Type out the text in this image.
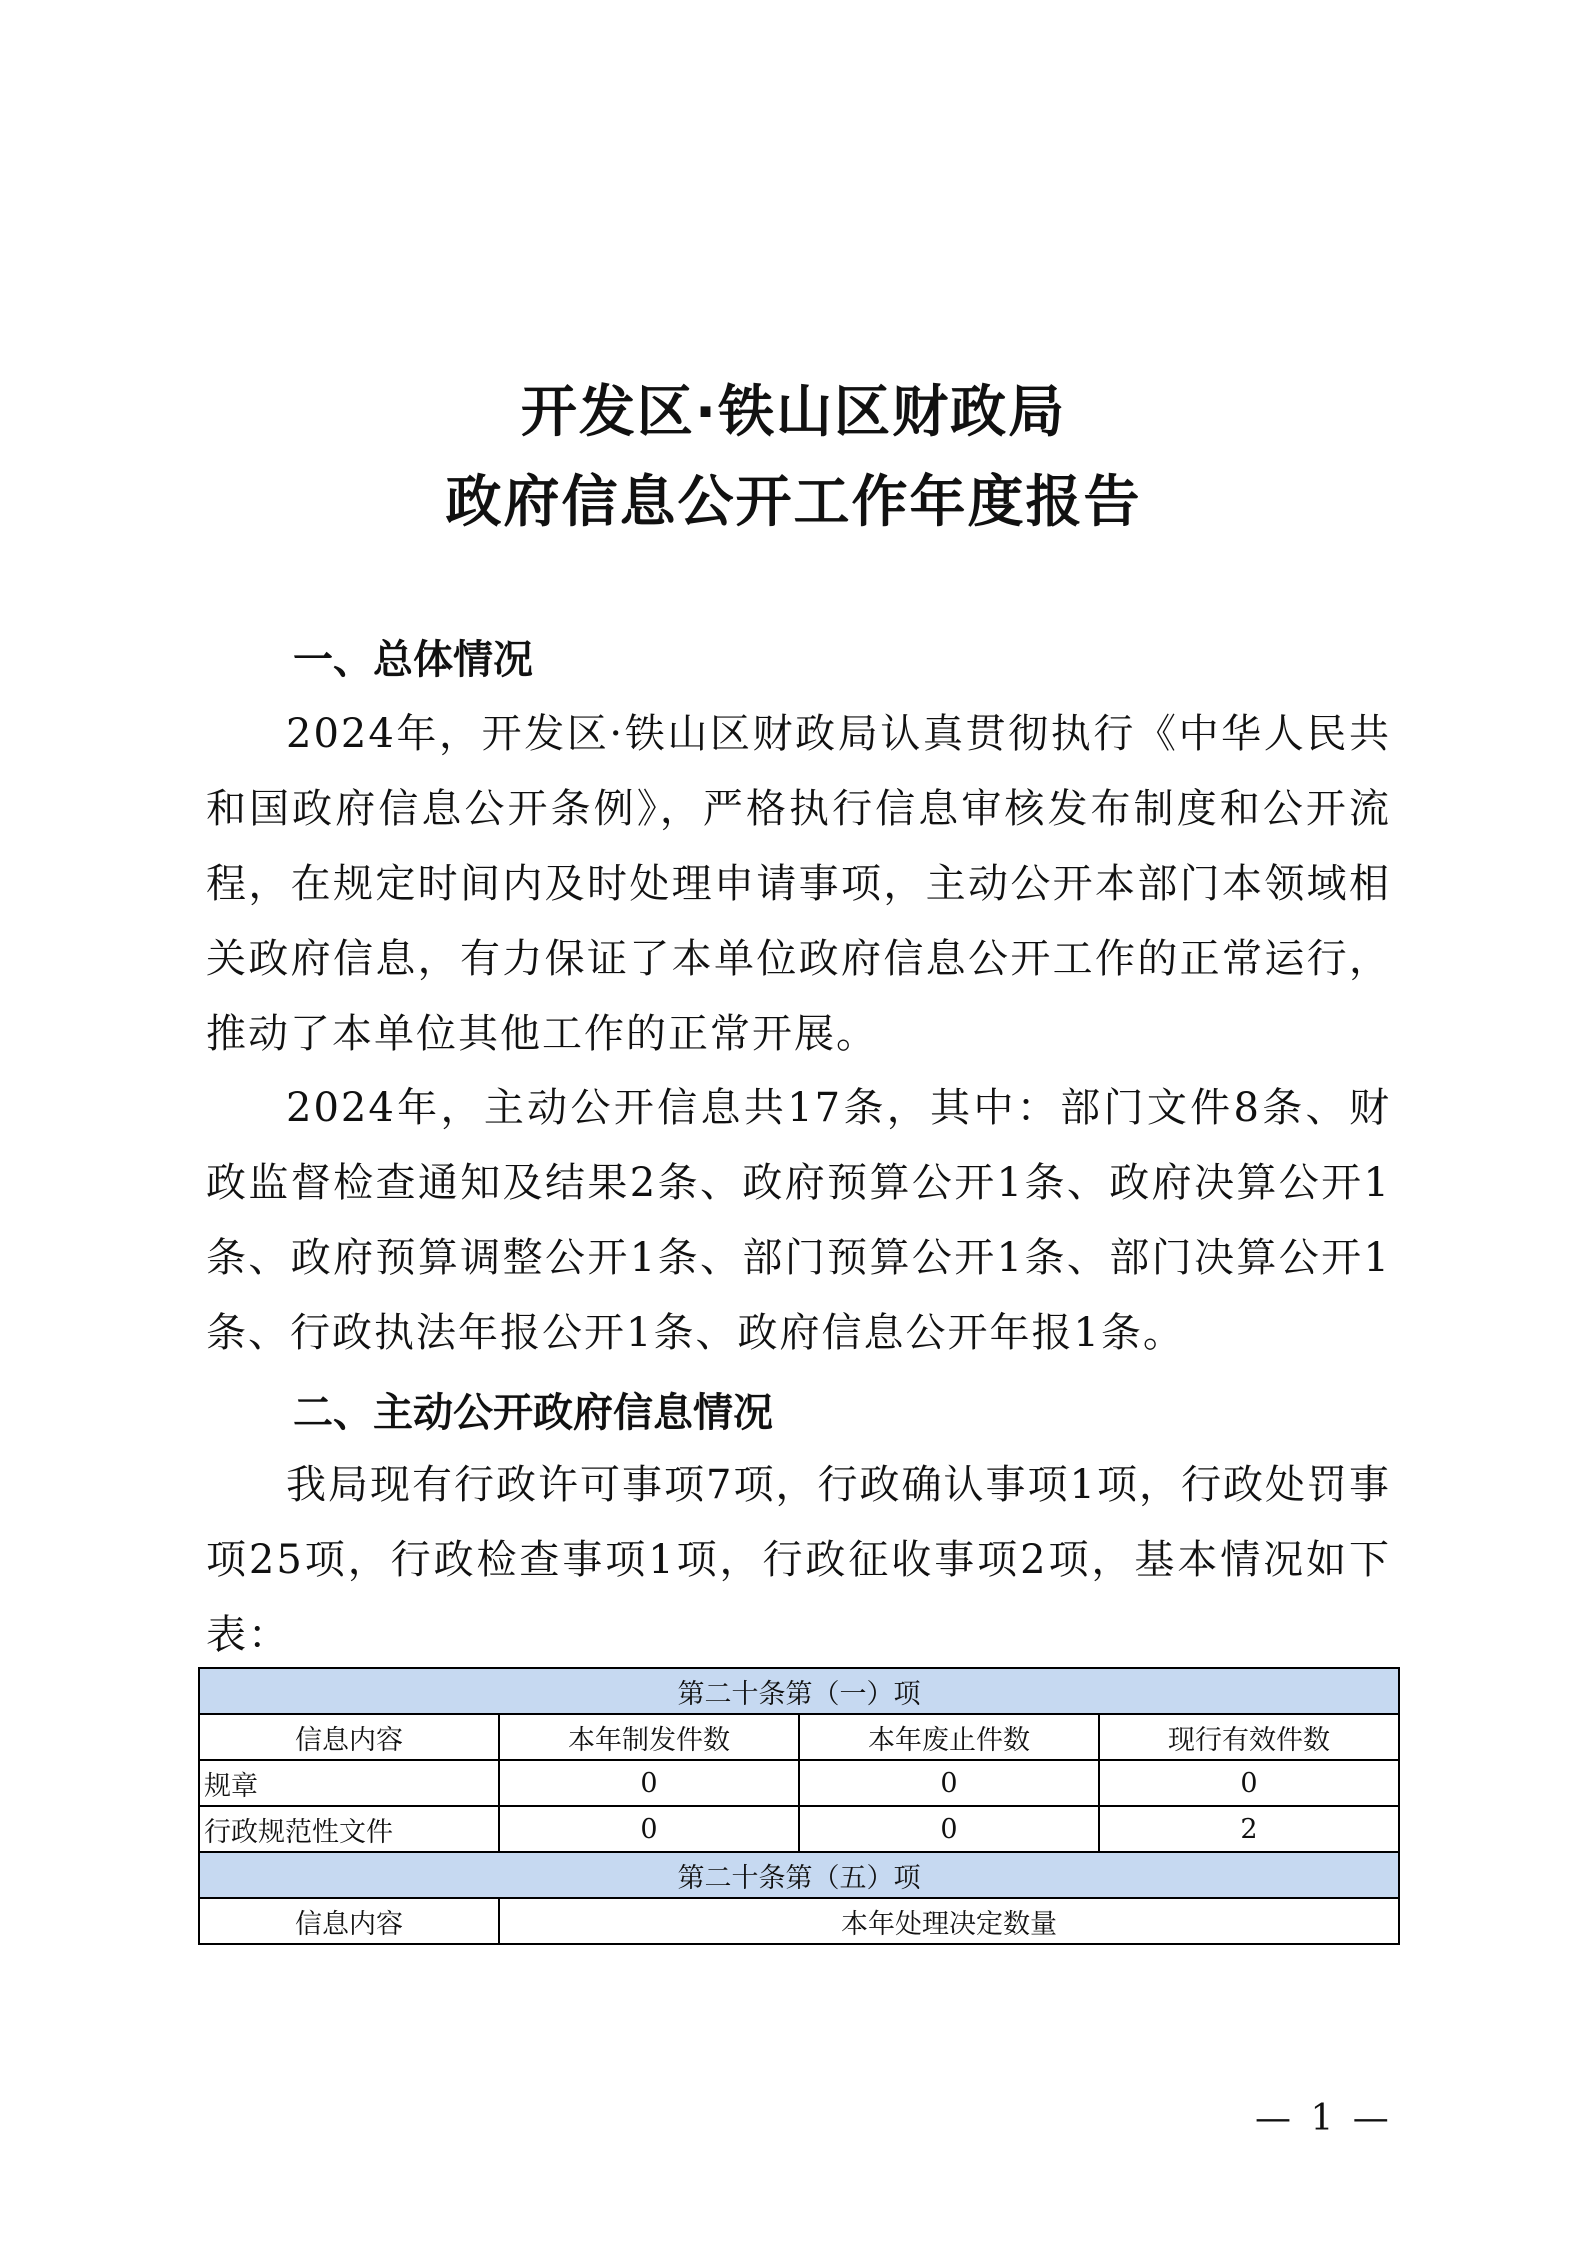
开发区·铁山区财政局
政府信息公开工作年度报告
一、总体情况

2024年，开发区·铁山区财政局认真贯彻执行《中华人民共和国政府信息公开条例》，严格执行信息审核发布制度和公开流程，在规定时间内及时处理申请事项，主动公开本部门本领域相关政府信息，有力保证了本单位政府信息公开工作的正常运行，推动了本单位其他工作的正常开展。

2024年，主动公开信息共17条，其中：部门文件8条、财政监督检查通知及结果2条、政府预算公开1条、政府决算公开1条、政府预算调整公开1条、部门预算公开1条、部门决算公开1条、行政执法年报公开1条、政府信息公开年报1条。

二、主动公开政府信息情况

我局现有行政许可事项7项，行政确认事项1项，行政处罚事项25项，行政检查事项1项，行政征收事项2项，基本情况如下表：

第二十条第（一）项			
信息内容	本年制发件数	本年废止件数	现行有效件数
规章	0	0	0
行政规范性文件	0	0	2
第二十条第（五）项			
信息内容	本年处理决定数量		
— 1 —
